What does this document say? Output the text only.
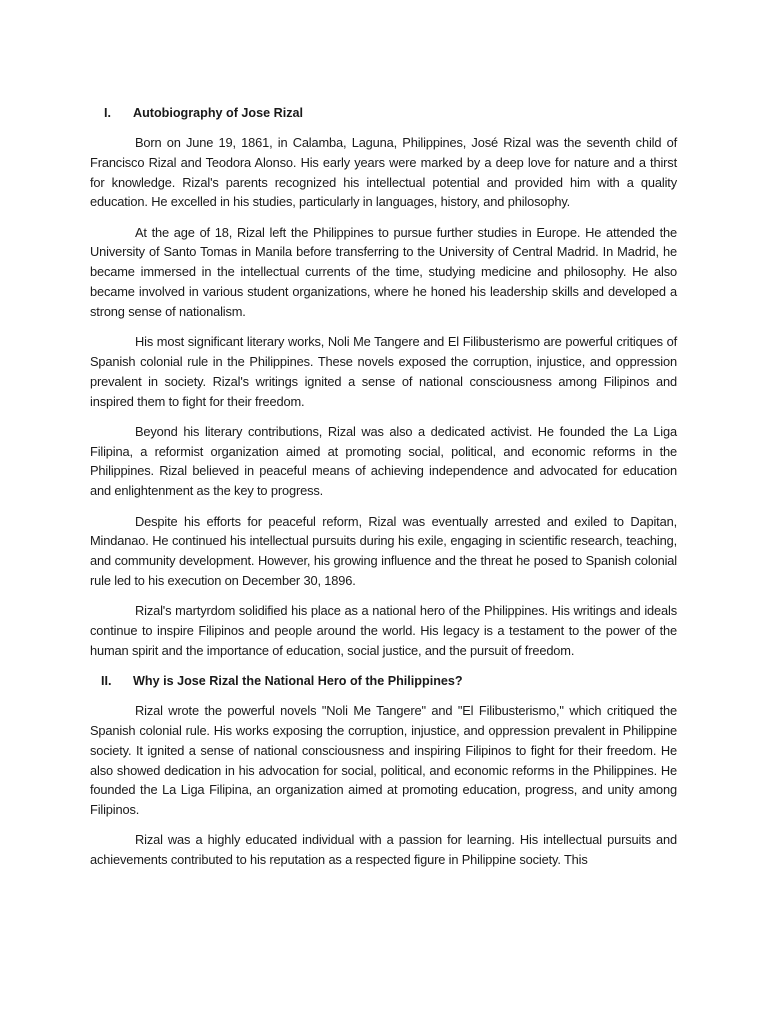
I.	Autobiography of Jose Rizal

Born on June 19, 1861, in Calamba, Laguna, Philippines, José Rizal was the seventh child of Francisco Rizal and Teodora Alonso. His early years were marked by a deep love for nature and a thirst for knowledge. Rizal's parents recognized his intellectual potential and provided him with a quality education. He excelled in his studies, particularly in languages, history, and philosophy.

At the age of 18, Rizal left the Philippines to pursue further studies in Europe. He attended the University of Santo Tomas in Manila before transferring to the University of Central Madrid. In Madrid, he became immersed in the intellectual currents of the time, studying medicine and philosophy. He also became involved in various student organizations, where he honed his leadership skills and developed a strong sense of nationalism.

His most significant literary works, Noli Me Tangere and El Filibusterismo are powerful critiques of Spanish colonial rule in the Philippines. These novels exposed the corruption, injustice, and oppression prevalent in society. Rizal's writings ignited a sense of national consciousness among Filipinos and inspired them to fight for their freedom.

Beyond his literary contributions, Rizal was also a dedicated activist. He founded the La Liga Filipina, a reformist organization aimed at promoting social, political, and economic reforms in the Philippines. Rizal believed in peaceful means of achieving independence and advocated for education and enlightenment as the key to progress.

Despite his efforts for peaceful reform, Rizal was eventually arrested and exiled to Dapitan, Mindanao. He continued his intellectual pursuits during his exile, engaging in scientific research, teaching, and community development. However, his growing influence and the threat he posed to Spanish colonial rule led to his execution on December 30, 1896.

Rizal's martyrdom solidified his place as a national hero of the Philippines. His writings and ideals continue to inspire Filipinos and people around the world. His legacy is a testament to the power of the human spirit and the importance of education, social justice, and the pursuit of freedom.

II.	Why is Jose Rizal the National Hero of the Philippines?

Rizal wrote the powerful novels "Noli Me Tangere" and "El Filibusterismo," which critiqued the Spanish colonial rule. His works exposing the corruption, injustice, and oppression prevalent in Philippine society. It ignited a sense of national consciousness and inspiring Filipinos to fight for their freedom. He also showed dedication in his advocation for social, political, and economic reforms in the Philippines. He founded the La Liga Filipina, an organization aimed at promoting education, progress, and unity among Filipinos.

Rizal was a highly educated individual with a passion for learning. His intellectual pursuits and achievements contributed to his reputation as a respected figure in Philippine society. This
